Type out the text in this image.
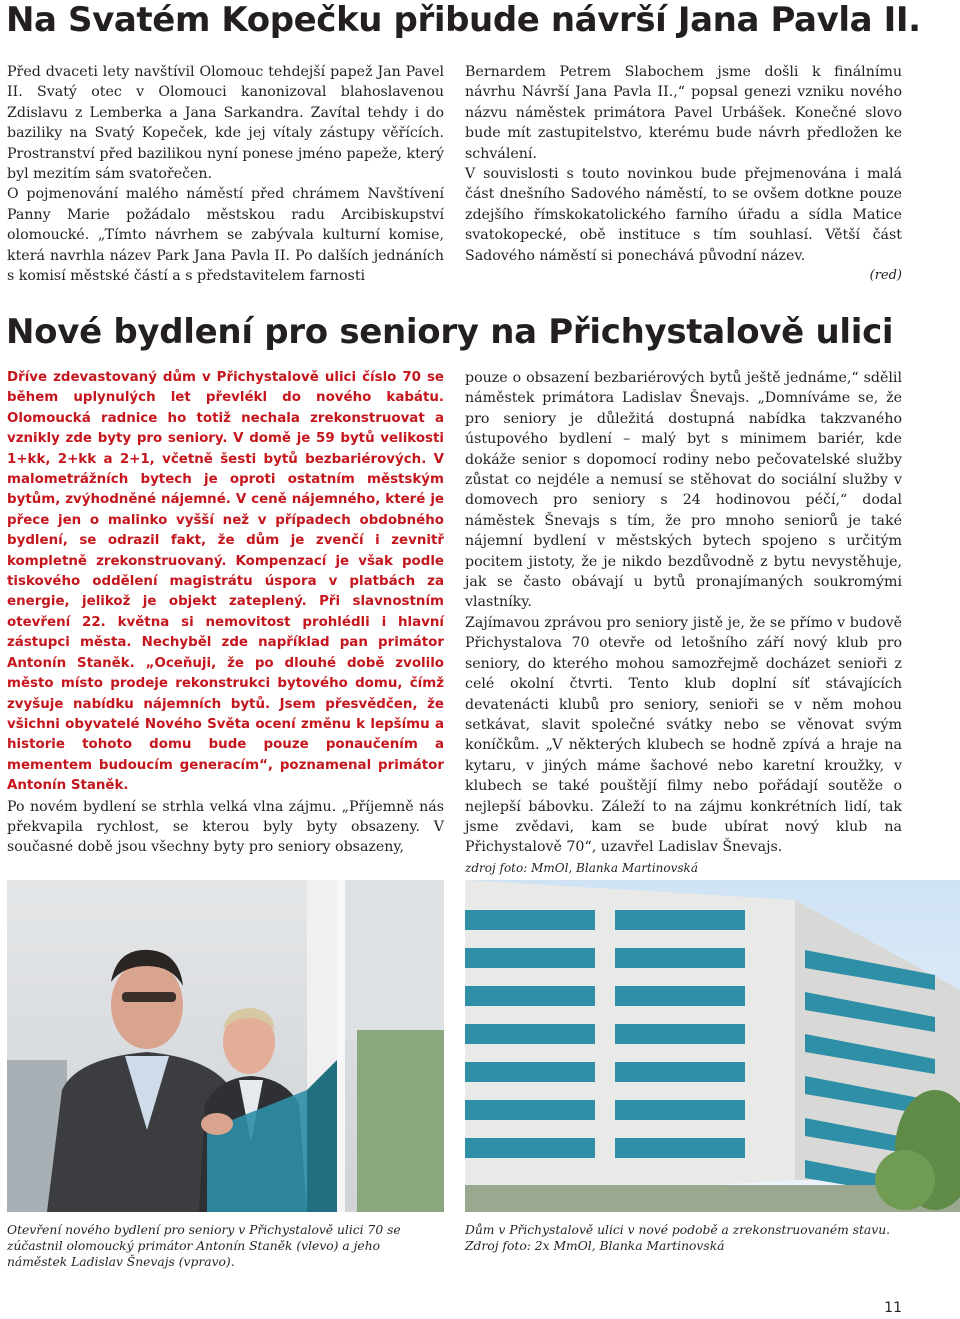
Na Svatém Kopečku přibude návrší Jana Pavla II.

Před dvaceti lety navštívil Olomouc tehdejší papež Jan Pavel II. Svatý otec v Olomouci kanonizoval blahoslavenou Zdislavu z Lemberka a Jana Sarkandra. Zavítal tehdy i do baziliky na Svatý Kopeček, kde jej vítaly zástupy věřících. Prostranství před bazilikou nyní ponese jméno papeže, který byl mezitím sám svatořečen.

O pojmenování malého náměstí před chrámem Navštívení Panny Marie požádalo městskou radu Arcibiskupství olomoucké. „Tímto návrhem se zabývala kulturní komise, která navrhla název Park Jana Pavla II. Po dalších jednáních s komisí městské částí a s představitelem farnosti

Bernardem Petrem Slabochem jsme došli k finálnímu návrhu Návrší Jana Pavla II.,“ popsal genezi vzniku nového názvu náměstek primátora Pavel Urbášek. Konečné slovo bude mít zastupitelstvo, kterému bude návrh předložen ke schválení.

V souvislosti s touto novinkou bude přejmenována i malá část dnešního Sadového náměstí, to se ovšem dotkne pouze zdejšího římskokatolického farního úřadu a sídla Matice svatokopecké, obě instituce s tím souhlasí. Větší část Sadového náměstí si ponechává původní název.

(red)

Nové bydlení pro seniory na Přichystalově ulici

Dříve zdevastovaný dům v Přichystalově ulici číslo 70 se během uplynulých let převlékl do nového kabátu. Olomoucká radnice ho totiž nechala zrekonstruovat a vznikly zde byty pro seniory. V domě je 59 bytů velikosti 1+kk, 2+kk a 2+1, včetně šesti bytů bezbariérových. V malometrážních bytech je oproti ostatním městským bytům, zvýhodněné nájemné. V ceně nájemného, které je přece jen o malinko vyšší než v případech obdobného bydlení, se odrazil fakt, že dům je zvenčí i zevnitř kompletně zrekonstruovaný. Kompenzací je však podle tiskového oddělení magistrátu úspora v platbách za energie, jelikož je objekt zateplený. Při slavnostním otevření 22. května si nemovitost prohlédli i hlavní zástupci města. Nechyběl zde například pan primátor Antonín Staněk. „Oceňuji, že po dlouhé době zvolilo město místo prodeje rekonstrukci bytového domu, čímž zvyšuje nabídku nájemních bytů. Jsem přesvědčen, že všichni obyvatelé Nového Světa ocení změnu k lepšímu a historie tohoto domu bude pouze ponaučením a mementem budoucím generacím“, poznamenal primátor Antonín Staněk.

Po novém bydlení se strhla velká vlna zájmu. „Příjemně nás překvapila rychlost, se kterou byly byty obsazeny. V současné době jsou všechny byty pro seniory obsazeny,

pouze o obsazení bezbariérových bytů ještě jednáme,“ sdělil náměstek primátora Ladislav Šnevajs. „Domníváme se, že pro seniory je důležitá dostupná nabídka takzvaného ústupového bydlení – malý byt s minimem bariér, kde dokáže senior s dopomocí rodiny nebo pečovatelské služby zůstat co nejdéle a nemusí se stěhovat do sociální služby v domovech pro seniory s 24 hodinovou péčí,“ dodal náměstek Šnevajs s tím, že pro mnoho seniorů je také nájemní bydlení v městských bytech spojeno s určitým pocitem jistoty, že je nikdo bezdůvodně z bytu nevystěhuje, jak se často obávají u bytů pronajímaných soukromými vlastníky.

Zajímavou zprávou pro seniory jistě je, že se přímo v budově Přichystalova 70 otevře od letošního září nový klub pro seniory, do kterého mohou samozřejmě docházet senioři z celé okolní čtvrti. Tento klub doplní síť stávajících devatenácti klubů pro seniory, senioři se v něm mohou setkávat, slavit společné svátky nebo se věnovat svým koníčkům. „V některých klubech se hodně zpívá a hraje na kytaru, v jiných máme šachové nebo karetní kroužky, v klubech se také pouštějí filmy nebo pořádají soutěže o nejlepší bábovku. Záleží to na zájmu konkrétních lidí, tak jsme zvědavi, kam se bude ubírat nový klub na Přichystalově 70“, uzavřel Ladislav Šnevajs.

zdroj foto: MmOl, Blanka Martinovská

Otevření nového bydlení pro seniory v Přichystalově ulici 70 se zúčastnil olomoucký primátor Antonín Staněk (vlevo) a jeho náměstek Ladislav Šnevajs (vpravo).
Dům v Přichystalově ulici v nové podobě a zrekonstruovaném stavu. Zdroj foto: 2x MmOl, Blanka Martinovská
11
